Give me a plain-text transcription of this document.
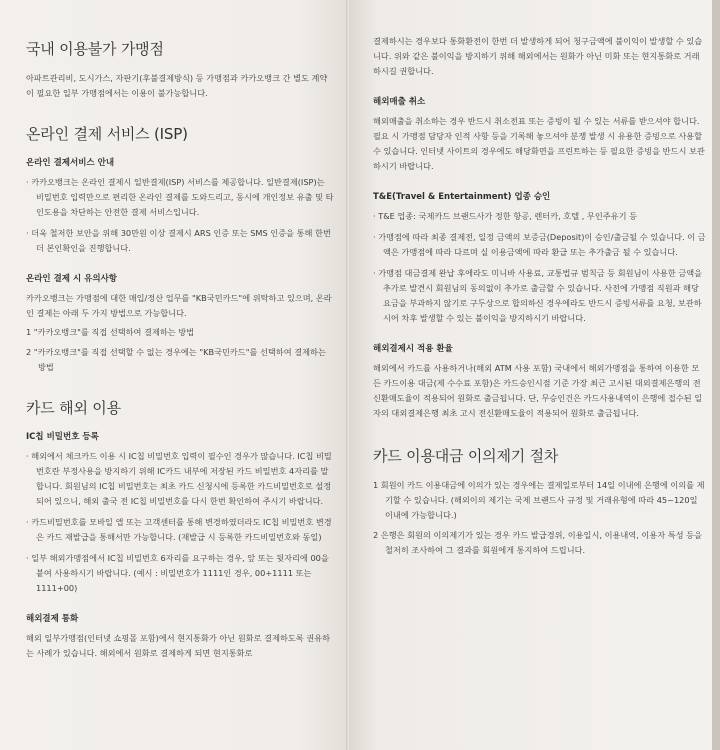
국내 이용불가 가맹점

아파트관리비, 도시가스, 자판기(후불결제방식) 등 가맹점과 카카오뱅크 간 별도 계약이 필요한 일부 가맹점에서는 이용이 불가능합니다.

온라인 결제 서비스 (ISP)
온라인 결제서비스 안내
· 카카오뱅크는 온라인 결제시 일반결제(ISP) 서비스를 제공합니다. 일반결제(ISP)는 비밀번호 입력만으로 편리한 온라인 결제를 도와드리고, 동시에 개인정보 유출 및 타인도용을 차단하는 안전한 결제 서비스입니다.
· 더욱 철저한 보안을 위해 30만원 이상 결제시 ARS 인증 또는 SMS 인증을 통해 한번 더 본인확인을 진행합니다.
온라인 결제 시 유의사항

카카오뱅크는 가맹점에 대한 매입/정산 업무를 "KB국민카드"에 위탁하고 있으며, 온라인 결제는 아래 두 가지 방법으로 가능합니다.

1 "카카오뱅크"를 직접 선택하여 결제하는 방법
2 "카카오뱅크"를 직접 선택할 수 없는 경우에는 "KB국민카드"를 선택하여 결제하는 방법
카드 해외 이용
IC칩 비밀번호 등록
· 해외에서 체크카드 이용 시 IC칩 비밀번호 입력이 필수인 경우가 많습니다. IC칩 비밀번호란 부정사용을 방지하기 위해 IC카드 내부에 저장된 카드 비밀번호 4자리를 말합니다. 회원님의 IC칩 비밀번호는 최초 카드 신청시에 등록한 카드비밀번호로 설정되어 있으니, 해외 출국 전 IC칩 비밀번호를 다시 한번 확인하여 주시기 바랍니다.
· 카드비밀번호를 모바일 앱 또는 고객센터를 통해 변경하였더라도 IC칩 비밀번호 변경은 카드 재발급을 통해서만 가능합니다. (재발급 시 등록한 카드비밀번호와 동일)
· 일부 해외가맹점에서 IC칩 비밀번호 6자리를 요구하는 경우, 앞 또는 뒷자리에 00을 붙여 사용하시기 바랍니다. (예시 : 비밀번호가 1111인 경우, 00+1111 또는 1111+00)
해외결제 통화

해외 일부가맹점(인터넷 쇼핑몰 포함)에서 현지통화가 아닌 원화로 결제하도록 권유하는 사례가 있습니다. 해외에서 원화로 결제하게 되면 현지통화로

결제하시는 경우보다 통화환전이 한번 더 발생하게 되어 청구금액에 불이익이 발생할 수 있습니다. 위와 같은 불이익을 방지하기 위해 해외에서는 원화가 아닌 미화 또는 현지통화로 거래하시길 권합니다.

해외매출 취소

해외매출을 취소하는 경우 반드시 취소전표 또는 증빙이 될 수 있는 서류를 받으셔야 합니다. 필요 시 가맹점 담당자 인적 사항 등을 기록해 놓으셔야 분쟁 발생 시 유용한 증빙으로 사용할 수 있습니다. 인터넷 사이트의 경우에도 해당화면을 프린트하는 등 필요한 증빙을 반드시 보관하시기 바랍니다.

T&E(Travel & Entertainment) 업종 승인
· T&E 업종: 국제카드 브랜드사가 정한 항공, 렌터카, 호텔 , 무인주유기 등
· 가맹점에 따라 최종 결제전, 일정 금액의 보증금(Deposit)이 승인/출금될 수 있습니다. 이 금액은 가맹점에 따라 다르며 실 이용금액에 따라 환급 또는 추가출금 될 수 있습니다.
· 가맹점 대금결제 완납 후에라도 미니바 사용료, 교통법규 범칙금 등 회원님이 사용한 금액을 추가로 발견시 회원님의 동의없이 추가로 출금할 수 있습니다. 사전에 가맹점 직원과 해당 요금을 부과하지 않기로 구두상으로 합의하신 경우에라도 반드시 증빙서류를 요청, 보관하시어 차후 발생할 수 있는 불이익을 방지하시기 바랍니다.
해외결제시 적용 환율

해외에서 카드를 사용하거나(해외 ATM 사용 포함) 국내에서 해외가맹점을 통하여 이용한 모든 카드이용 대금(제 수수료 포함)은 카드승인시점 기준 가장 최근 고시된 대외결제은행의 전신환매도율이 적용되어 원화로 출금됩니다. 단, 무승인건은 카드사용내역이 은행에 접수된 일자의 대외결제은행 최초 고시 전신환매도율이 적용되어 원화로 출금됩니다.

카드 이용대금 이의제기 절차
1 회원이 카드 이용대금에 이의가 있는 경우에는 결제일로부터 14일 이내에 은행에 이의를 제기할 수 있습니다. (해외이의 제기는 국제 브랜드사 규정 및 거래유형에 따라 45~120일 이내에 가능합니다.)
2 은행은 회원의 이의제기가 있는 경우 카드 발급경위, 이용일시, 이용내역, 이용자 특성 등을 철저히 조사하여 그 결과를 회원에게 통지하여 드립니다.
